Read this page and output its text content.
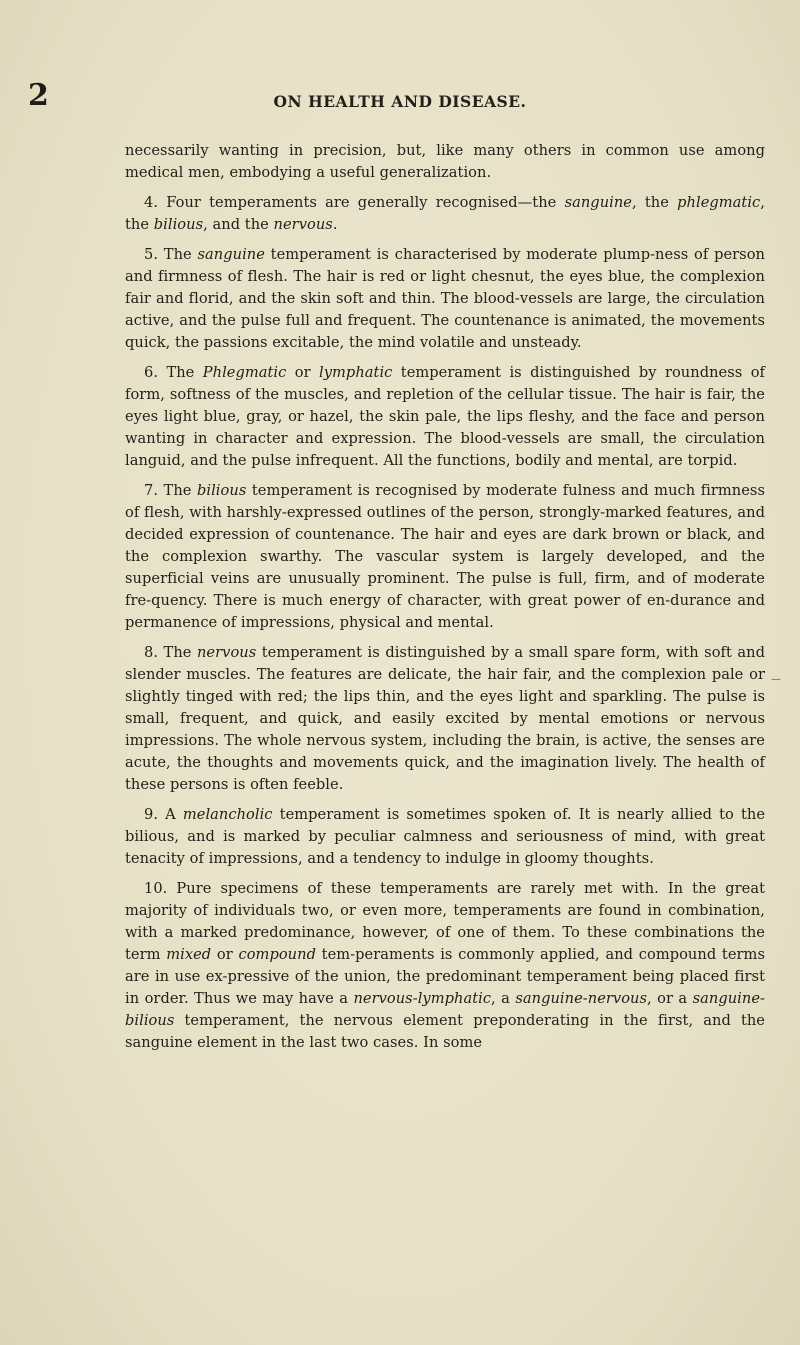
2	ON HEALTH AND DISEASE.

necessarily wanting in precision, but, like many others in common use among medical men, embodying a useful generalization.

4. Four temperaments are generally recognised—the sanguine, the phlegmatic, the bilious, and the nervous.

5. The sanguine temperament is characterised by moderate plump-ness of person and firmness of flesh. The hair is red or light chesnut, the eyes blue, the complexion fair and florid, and the skin soft and thin. The blood-vessels are large, the circulation active, and the pulse full and frequent. The countenance is animated, the movements quick, the passions excitable, the mind volatile and unsteady.

6. The Phlegmatic or lymphatic temperament is distinguished by roundness of form, softness of the muscles, and repletion of the cellular tissue. The hair is fair, the eyes light blue, gray, or hazel, the skin pale, the lips fleshy, and the face and person wanting in character and expression. The blood-vessels are small, the circulation languid, and the pulse infrequent. All the functions, bodily and mental, are torpid.

7. The bilious temperament is recognised by moderate fulness and much firmness of flesh, with harshly-expressed outlines of the person, strongly-marked features, and decided expression of countenance. The hair and eyes are dark brown or black, and the complexion swarthy. The vascular system is largely developed, and the superficial veins are unusually prominent. The pulse is full, firm, and of moderate fre-quency. There is much energy of character, with great power of en-durance and permanence of impressions, physical and mental.

8. The nervous temperament is distinguished by a small spare form, with soft and slender muscles. The features are delicate, the hair fair, and the complexion pale or slightly tinged with red; the lips thin, and the eyes light and sparkling. The pulse is small, frequent, and quick, and easily excited by mental emotions or nervous impressions. The whole nervous system, including the brain, is active, the senses are acute, the thoughts and movements quick, and the imagination lively. The health of these persons is often feeble.

9. A melancholic temperament is sometimes spoken of. It is nearly allied to the bilious, and is marked by peculiar calmness and seriousness of mind, with great tenacity of impressions, and a tendency to indulge in gloomy thoughts.

10. Pure specimens of these temperaments are rarely met with. In the great majority of individuals two, or even more, temperaments are found in combination, with a marked predominance, however, of one of them. To these combinations the term mixed or compound tem-peraments is commonly applied, and compound terms are in use ex-pressive of the union, the predominant temperament being placed first in order. Thus we may have a nervous-lymphatic, a sanguine-nervous, or a sanguine-bilious temperament, the nervous element preponderating in the first, and the sanguine element in the last two cases. In some

—
